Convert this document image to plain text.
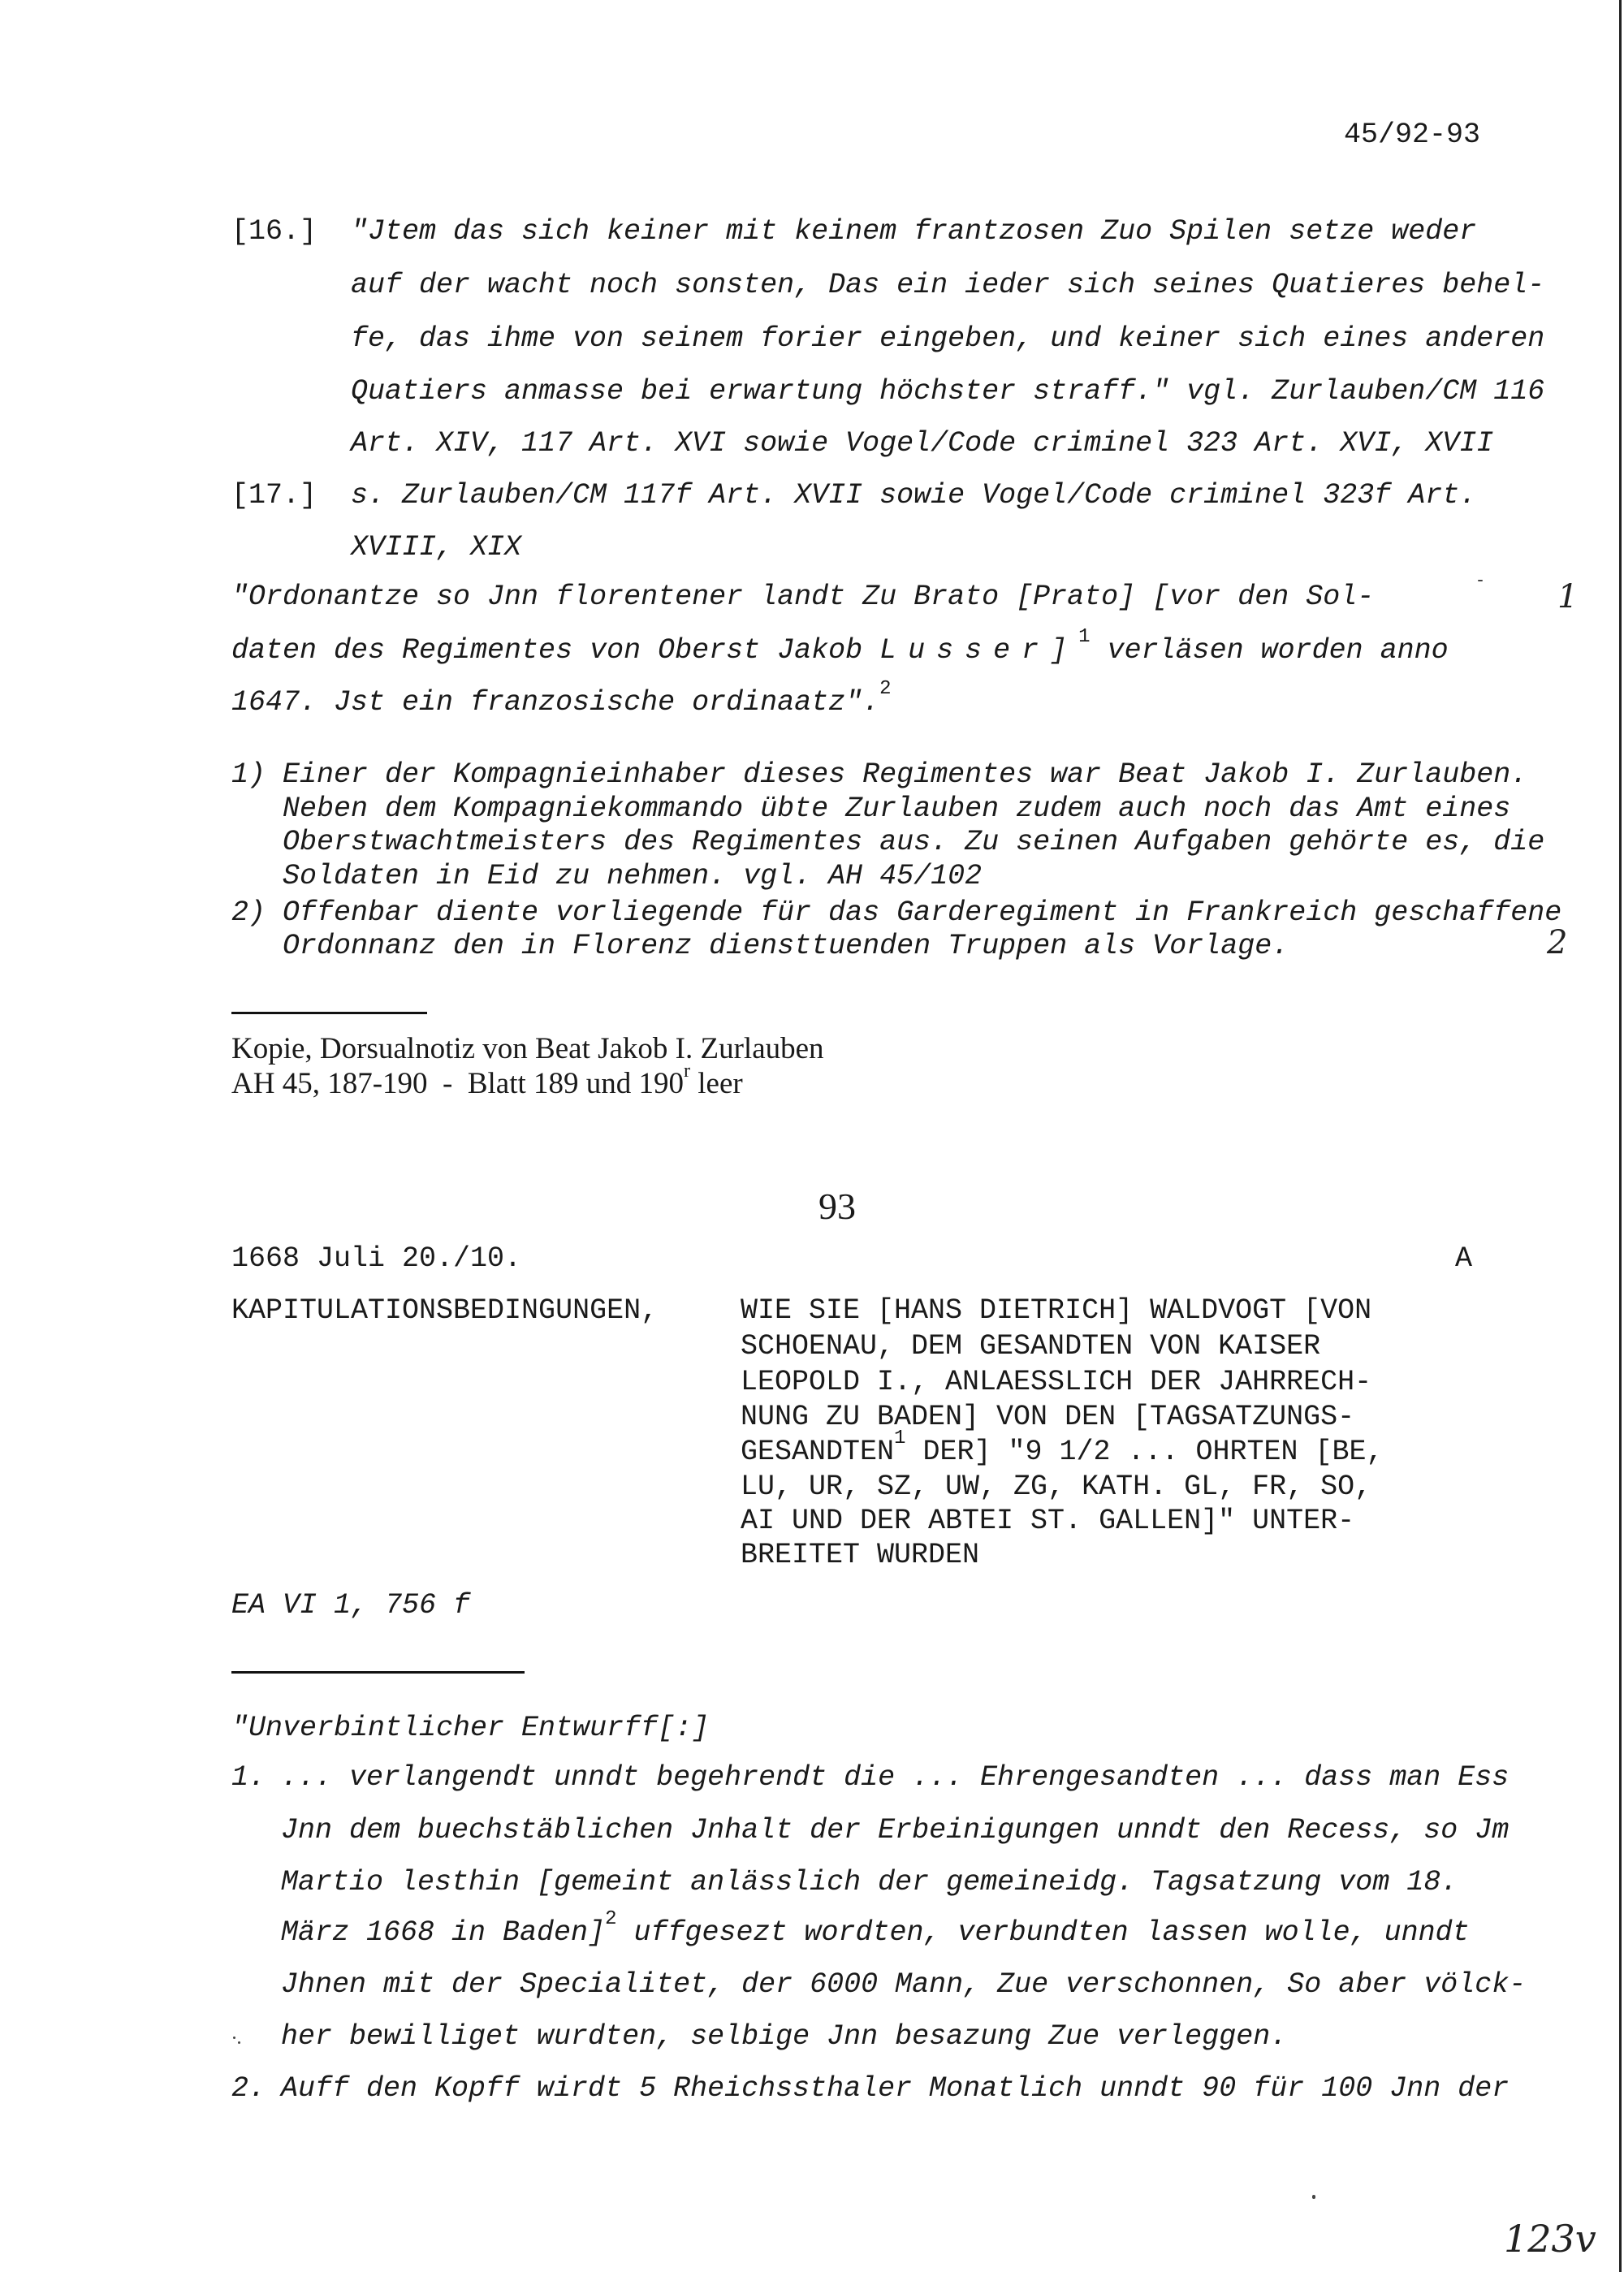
45/92-93
[16.] "Jtem das sich keiner mit keinem frantzosen Zuo Spilen setze weder
auf der wacht noch sonsten, Das ein ieder sich seines Quatieres behel-
fe, das ihme von seinem forier eingeben, und keiner sich eines anderen
Quatiers anmasse bei erwartung höchster straff." vgl. Zurlauben/CM 116
Art. XIV, 117 Art. XVI sowie Vogel/Code criminel 323 Art. XVI, XVII
[17.] s. Zurlauben/CM 117f Art. XVII sowie Vogel/Code criminel 323f Art.
XVIII, XIX
"Ordonantze so Jnn florentener landt Zu Brato [Prato] [vor den Sol-
daten des Regimentes von Oberst Jakob Lusser]$^1$ verläsen worden anno
1647. Jst ein franzosische ordinaatz".$^2$
1
1) Einer der Kompagnieinhaber dieses Regimentes war Beat Jakob I. Zurlauben.
Neben dem Kompagniekommando übte Zurlauben zudem auch noch das Amt eines
Oberstwachtmeisters des Regimentes aus. Zu seinen Aufgaben gehörte es, die
Soldaten in Eid zu nehmen. vgl. AH 45/102
2) Offenbar diente vorliegende für das Garderegiment in Frankreich geschaffene
Ordonnanz den in Florenz diensttuenden Truppen als Vorlage.	2
Kopie, Dorsualnotiz von Beat Jakob I. Zurlauben
AH 45, 187-190  -  Blatt 189 und 190$^r$ leer
93
1668 Juli 20./10.	A
KAPITULATIONSBEDINGUNGEN,	WIE SIE [HANS DIETRICH] WALDVOGT [VON
SCHOENAU, DEM GESANDTEN VON KAISER
LEOPOLD I., ANLAESSLICH DER JAHRRECH-
NUNG ZU BADEN] VON DEN [TAGSATZUNGS-
GESANDTEN$^1$ DER] "9 1/2 ... OHRTEN [BE,
LU, UR, SZ, UW, ZG, KATH. GL, FR, SO,
AI UND DER ABTEI ST. GALLEN]" UNTER-
BREITET WURDEN
EA VI 1, 756 f
"Unverbintlicher Entwurff[:]
1. ... verlangendt unndt begehrendt die ... Ehrengesandten ... dass man Ess
Jnn dem buechstäblichen Jnhalt der Erbeinigungen unndt den Recess, so Jm
Martio lesthin [gemeint anlässlich der gemeineidg. Tagsatzung vom 18.
März 1668 in Baden]$^2$ uffgesezt wordten, verbundten lassen wolle, unndt
Jhnen mit der Specialitet, der 6000 Mann, Zue verschonnen, So aber völck-
her bewilliget wurdten, selbige Jnn besazung Zue verleggen.
2. Auff den Kopff wirdt 5 Rheichssthaler Monatlich unndt 90 für 100 Jnn der
123v
